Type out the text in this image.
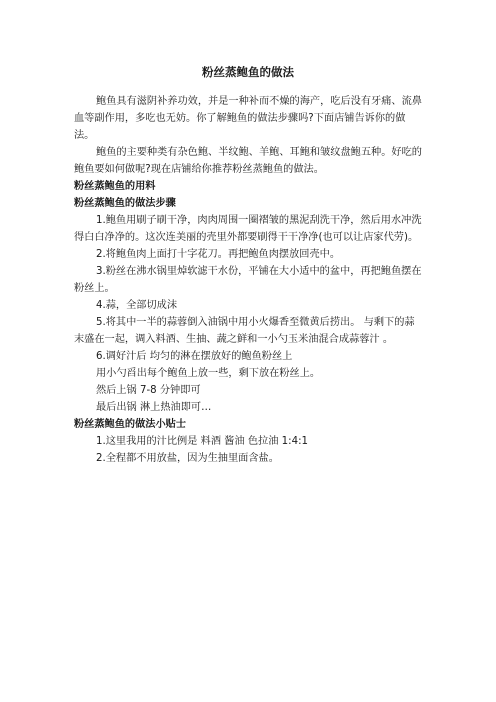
粉丝蒸鲍鱼的做法

鲍鱼具有滋阴补养功效，并是一种补而不燥的海产，吃后没有牙痛、流鼻血等副作用，多吃也无妨。你了解鲍鱼的做法步骤吗?下面店铺告诉你的做法。

鲍鱼的主要种类有杂色鲍、半纹鲍、羊鲍、耳鲍和皱纹盘鲍五种。好吃的鲍鱼要如何做呢?现在店铺给你推荐粉丝蒸鲍鱼的做法。

粉丝蒸鲍鱼的用料

粉丝蒸鲍鱼的做法步骤

1.鲍鱼用刷子刷干净，肉肉周围一圈褶皱的黑泥刮洗干净，然后用水冲洗得白白净净的。这次连美丽的壳里外都要刷得干干净净(也可以让店家代劳)。

2.将鲍鱼肉上面打十字花刀。再把鲍鱼肉摆放回壳中。

3.粉丝在沸水锅里焯软滤干水份，平铺在大小适中的盆中，再把鲍鱼摆在粉丝上。

4.蒜，全部切成沫

5.将其中一半的蒜蓉倒入油锅中用小火爆香至微黄后捞出。 与剩下的蒜末盛在一起，调入料酒、生抽、蔬之鲜和一小勺玉米油混合成蒜蓉汁 。

6.调好汁后 均匀的淋在摆放好的鲍鱼粉丝上

用小勺舀出每个鲍鱼上放一些，剩下放在粉丝上。

然后上锅 7-8 分钟即可

最后出锅 淋上热油即可…

粉丝蒸鲍鱼的做法小贴士

1.这里我用的汁比例是 料酒 酱油 色拉油 1:4:1

2.全程都不用放盐，因为生抽里面含盐。
